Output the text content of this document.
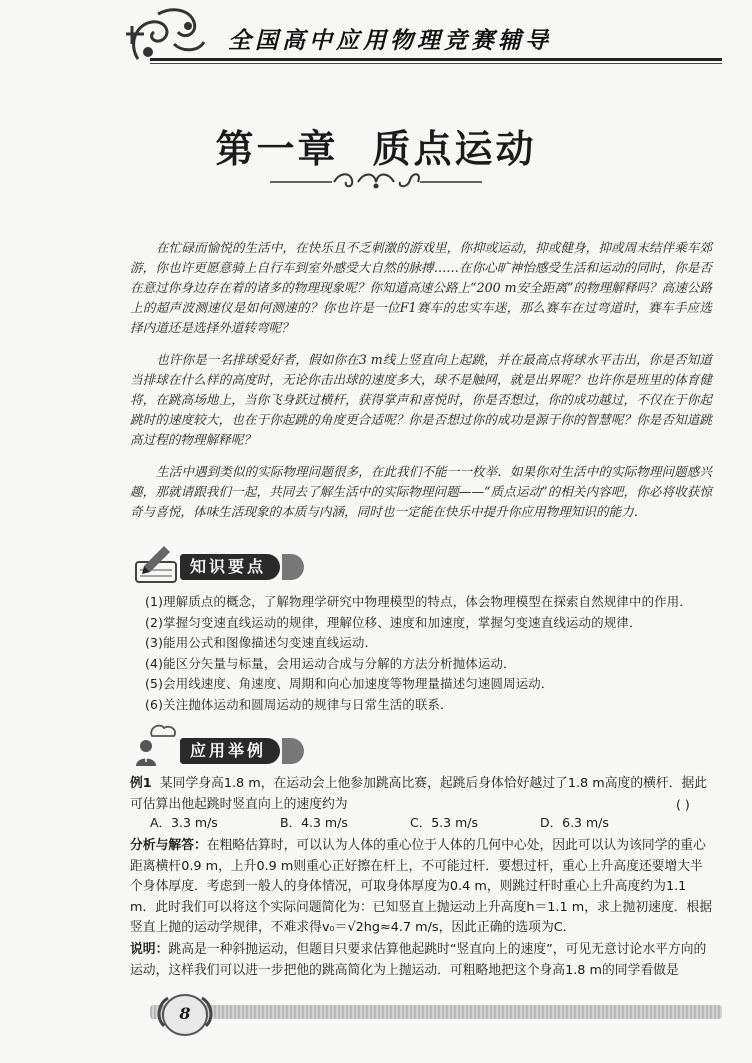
全国高中应用物理竞赛辅导
第一章 质点运动
在忙碌而愉悦的生活中，在快乐且不乏刺激的游戏里，你抑或运动，抑或健身，抑或周末结伴乘车郊游，你也许更愿意骑上自行车到室外感受大自然的脉搏……在你心旷神怡感受生活和运动的同时，你是否在意过你身边存在着的诸多的物理现象呢？你知道高速公路上“200 m安全距离”的物理解释吗？高速公路上的超声波测速仪是如何测速的？你也许是一位F1赛车的忠实车迷，那么赛车在过弯道时，赛车手应选择内道还是选择外道转弯呢？
也许你是一名排球爱好者，假如你在3 m线上竖直向上起跳，并在最高点将球水平击出，你是否知道当排球在什么样的高度时，无论你击出球的速度多大，球不是触网，就是出界呢？也许你是班里的体育健将，在跳高场地上，当你飞身跃过横杆，获得掌声和喜悦时，你是否想过，你的成功越过，不仅在于你起跳时的速度较大，也在于你起跳的角度更合适呢？你是否想过你的成功是源于你的智慧呢？你是否知道跳高过程的物理解释呢？
生活中遇到类似的实际物理问题很多，在此我们不能一一枚举．如果你对生活中的实际物理问题感兴趣，那就请跟我们一起，共同去了解生活中的实际物理问题——“质点运动”的相关内容吧，你必将收获惊奇与喜悦，体味生活现象的本质与内涵，同时也一定能在快乐中提升你应用物理知识的能力．
知识要点
(1)理解质点的概念，了解物理学研究中物理模型的特点，体会物理模型在探索自然规律中的作用．
(2)掌握匀变速直线运动的规律，理解位移、速度和加速度，掌握匀变速直线运动的规律．
(3)能用公式和图像描述匀变速直线运动．
(4)能区分矢量与标量，会用运动合成与分解的方法分析抛体运动．
(5)会用线速度、角速度、周期和向心加速度等物理量描述匀速圆周运动．
(6)关注抛体运动和圆周运动的规律与日常生活的联系．
应用举例
例1 某同学身高1.8 m，在运动会上他参加跳高比赛，起跳后身体恰好越过了1.8 m高度的横杆．据此可估算出他起跳时竖直向上的速度约为	( )
A．3.3 m/s	B．4.3 m/s	C．5.3 m/s	D．6.3 m/s
分析与解答：在粗略估算时，可以认为人体的重心位于人体的几何中心处，因此可以认为该同学的重心距离横杆0.9 m，上升0.9 m则重心正好擦在杆上，不可能过杆．要想过杆，重心上升高度还要增大半个身体厚度．考虑到一般人的身体情况，可取身体厚度为0.4 m，则跳过杆时重心上升高度约为1.1 m．此时我们可以将这个实际问题简化为：已知竖直上抛运动上升高度h＝1.1 m，求上抛初速度．根据竖直上抛的运动学规律，不难求得v₀＝√2hg≈4.7 m/s，因此正确的选项为C．
说明：跳高是一种斜抛运动，但题目只要求估算他起跳时“竖直向上的速度”，可见无意讨论水平方向的运动，这样我们可以进一步把他的跳高简化为上抛运动．可粗略地把这个身高1.8 m的同学看做是
8
